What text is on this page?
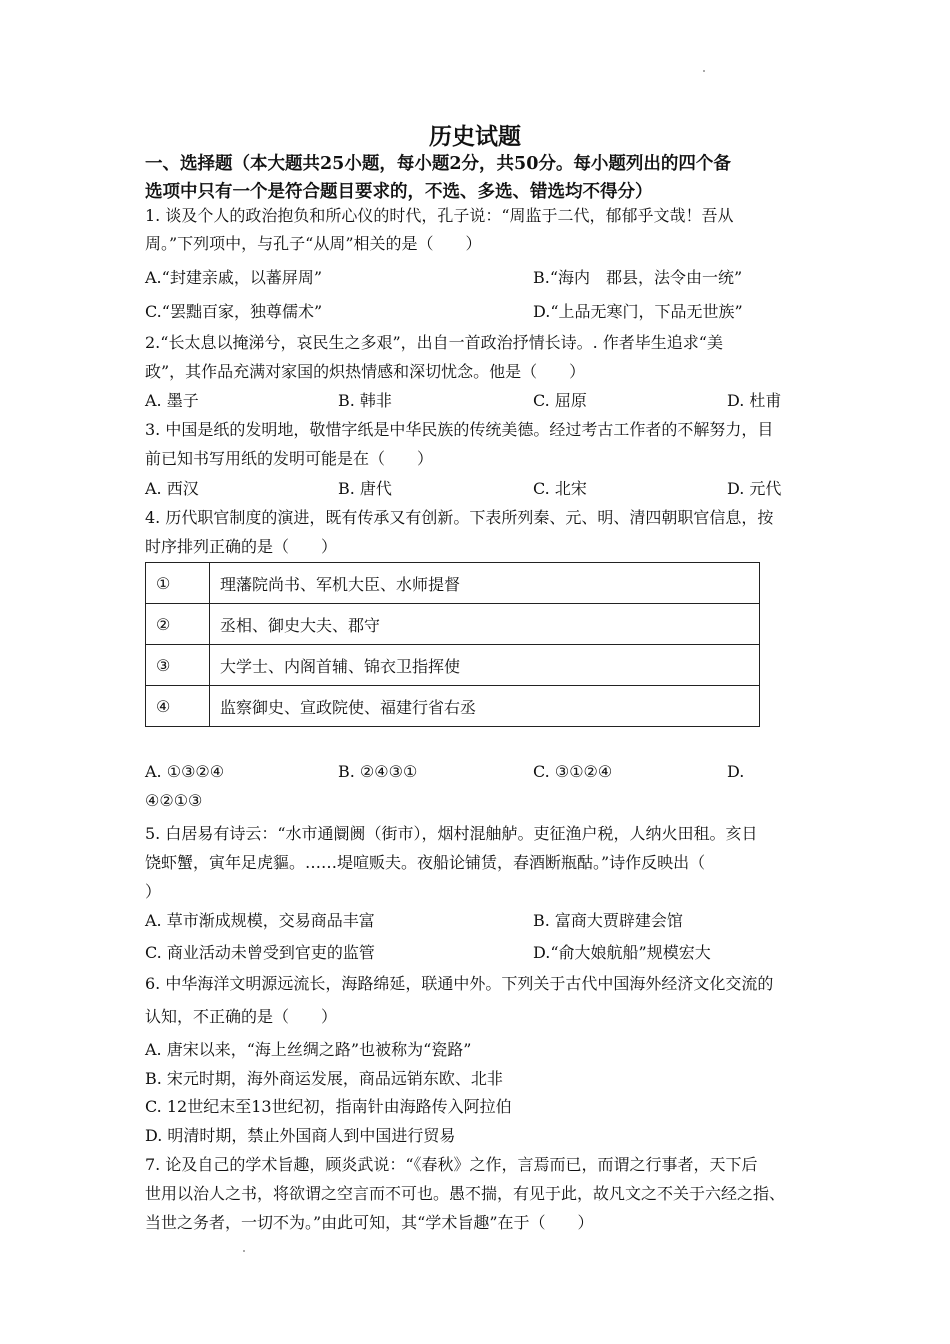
历史试题
一、选择题（本大题共25小题，每小题2分，共50分。每小题列出的四个备
选项中只有一个是符合题目要求的，不选、多选、错选均不得分）
1. 谈及个人的政治抱负和所心仪的时代，孔子说：“周监于二代，郁郁乎文哉！吾从
周。”下列项中，与孔子“从周”相关的是（　　）
A.“封建亲戚，以蕃屏周”	B.“海内　郡县，法令由一统”
C.“罢黜百家，独尊儒术”	D.“上品无寒门，下品无世族”
2.“长太息以掩涕兮，哀民生之多艰”，出自一首政治抒情长诗。. 作者毕生追求“美
政”，其作品充满对家国的炽热情感和深切忧念。他是（　　）
A. 墨子	B. 韩非	C. 屈原	D. 杜甫
3. 中国是纸的发明地，敬惜字纸是中华民族的传统美德。经过考古工作者的不解努力，目
前已知书写用纸的发明可能是在（　　）
A. 西汉	B. 唐代	C. 北宋	D. 元代
4. 历代职官制度的演进，既有传承又有创新。下表所列秦、元、明、清四朝职官信息，按
时序排列正确的是（　　）
①	理藩院尚书、军机大臣、水师提督
②	丞相、御史大夫、郡守
③	大学士、内阁首辅、锦衣卫指挥使
④	监察御史、宣政院使、福建行省右丞
A. ①③②④	B. ②④③①	C. ③①②④	D.
④②①③
5. 白居易有诗云：“水市通阛阓（街市），烟村混舳舻。吏征渔户税，人纳火田租。亥日
饶虾蟹，寅年足虎貙。……堤喧贩夫。夜船论铺赁，春酒断瓶酤。”诗作反映出（
）
A. 草市渐成规模，交易商品丰富	B. 富商大贾辟建会馆
C. 商业活动未曾受到官吏的监管	D.“俞大娘航船”规模宏大
6. 中华海洋文明源远流长，海路绵延，联通中外。下列关于古代中国海外经济文化交流的
认知，不正确的是（　　）
A. 唐宋以来，“海上丝绸之路”也被称为“瓷路”
B. 宋元时期，海外商运发展，商品远销东欧、北非
C. 12世纪末至13世纪初，指南针由海路传入阿拉伯
D. 明清时期，禁止外国商人到中国进行贸易
7. 论及自己的学术旨趣，顾炎武说：“《春秋》之作，言焉而已，而谓之行事者，天下后
世用以治人之书，将欲谓之空言而不可也。愚不揣，有见于此，故凡文之不关于六经之指、
当世之务者，一切不为。”由此可知，其“学术旨趣”在于（　　）
